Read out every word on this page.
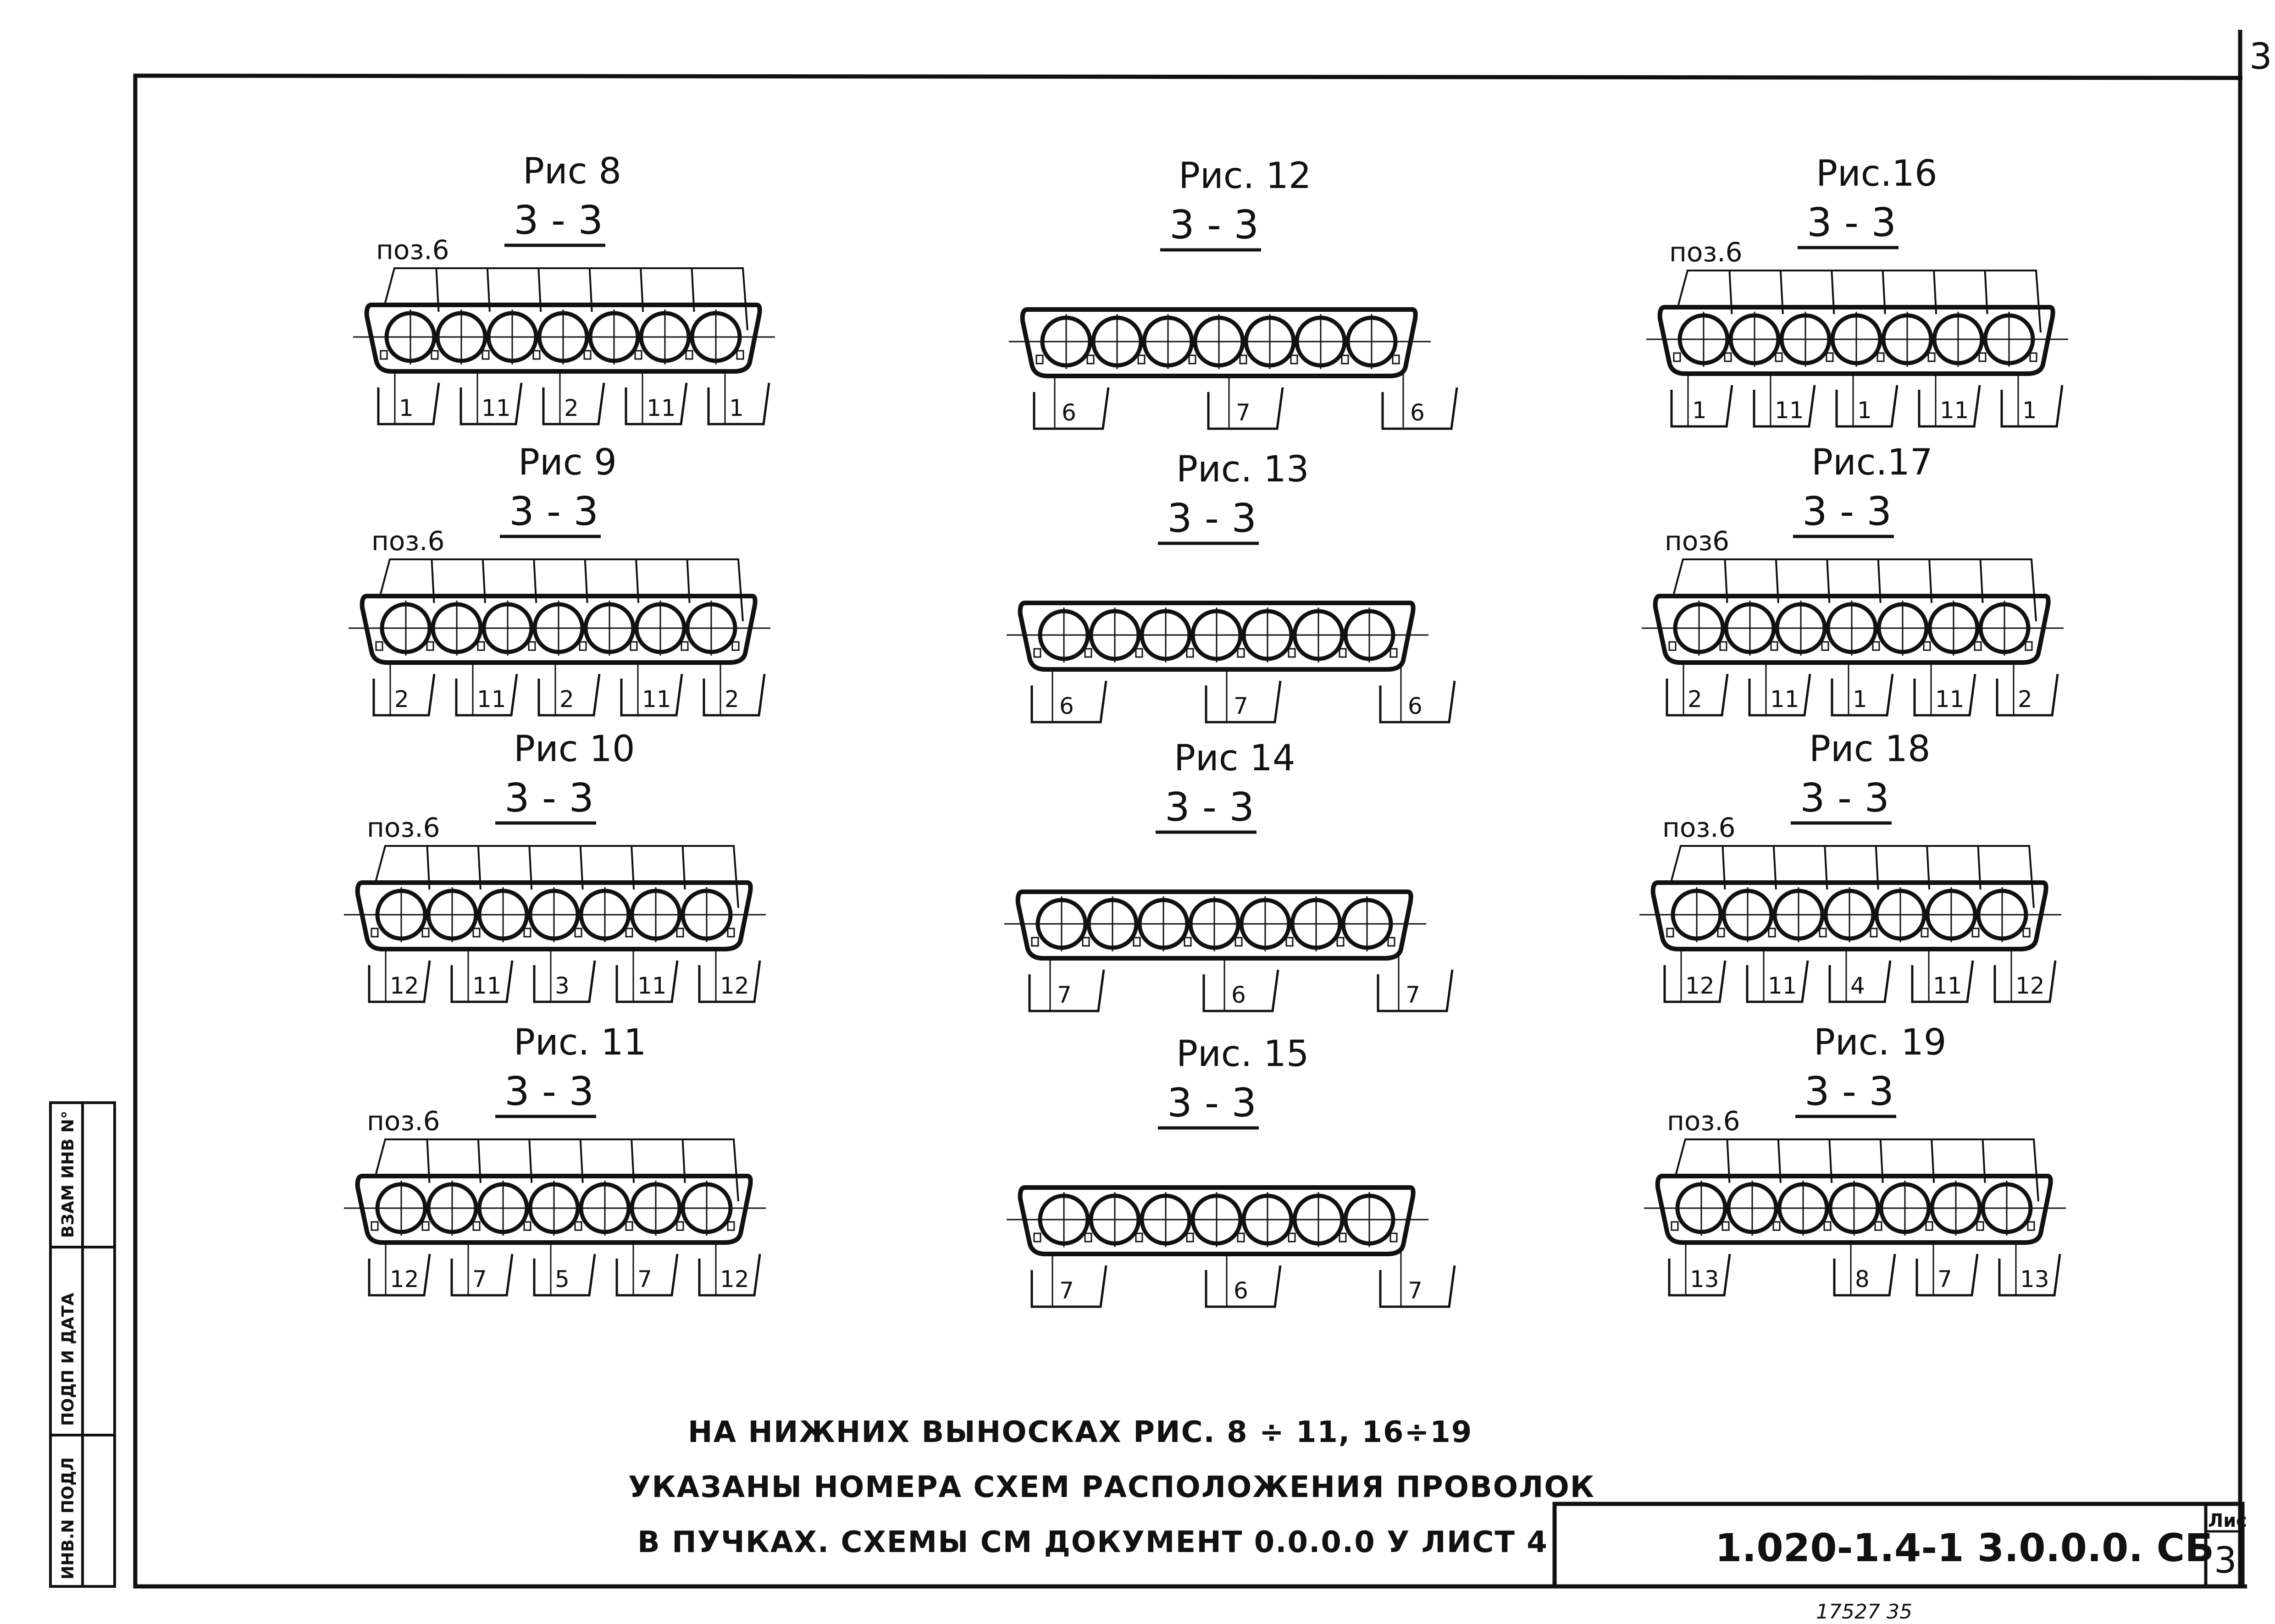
3
ВЗАМ ИНВ N°
ПОДП И ДАТА
ИНВ.N ПОДЛ
Рис 8
3 - 3
поз.6
1	11 2	11 1
Рис 9
3 - 3
поз.6
2	11 2	11 2
Рис 10
3 - 3
поз.6
12 11 3	11 12
Рис. 11
3 - 3
поз.6
12 7	5	7	12
Рис. 12
3 - 3
6	7	6
Рис. 13
3 - 3
6	7	6
Рис 14
3 - 3
7	6	7
Рис. 15
3 - 3
7	6	7
Рис.16
3 - 3
поз.6
1	11 1	11 1
Рис.17
3 - 3
поз6
2	11 1	11 2
Рис 18
3 - 3
поз.6
12 11 4	11 12
Рис. 19
3 - 3
поз.6
13	8	7	13
НА НИЖНИХ ВЫНОСКАХ РИС. 8 ÷ 11, 16÷19
УКАЗАНЫ НОМЕРА СХЕМ РАСПОЛОЖЕНИЯ ПРОВОЛОК
В ПУЧКАХ. СХЕМЫ СМ ДОКУМЕНТ 0.0.0.0 У ЛИСТ 4	1.020-1.4-1 3.0.0.0. СБ
Лис
3
17527 35
